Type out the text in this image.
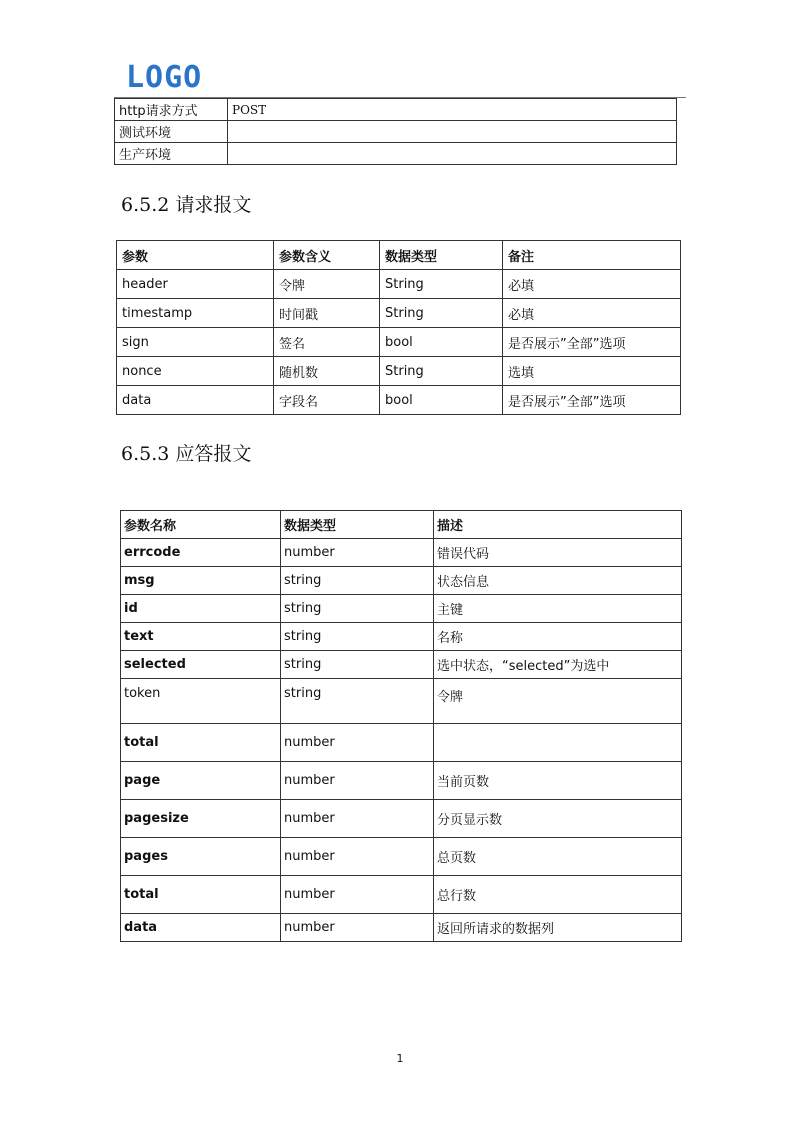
LOGO
http请求方式	POST
测试环境	
生产环境	
6.5.2 请求报文
参数	参数含义	数据类型	备注
header	令牌	String	必填
timestamp	时间戳	String	必填
sign	签名	bool	是否展示”全部”选项
nonce	随机数	String	选填
data	字段名	bool	是否展示”全部”选项
6.5.3 应答报文
参数名称	数据类型	描述
errcode	number	错误代码
msg	string	状态信息
id	string	主键
text	string	名称
selected	string	选中状态，“selected”为选中
token	string	令牌
total	number	
page	number	当前页数
pagesize	number	分页显示数
pages	number	总页数
total	number	总行数
data	number	返回所请求的数据列
1
